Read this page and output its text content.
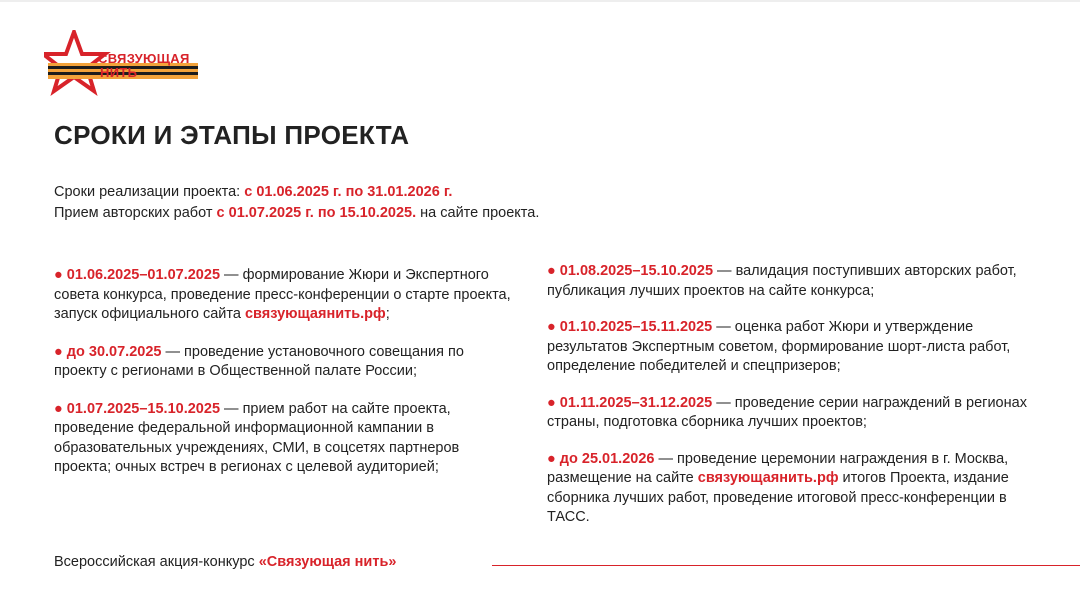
СВЯЗУЮЩАЯ
НИТЬ
СРОКИ И ЭТАПЫ ПРОЕКТА
Сроки реализации проекта: с 01.06.2025 г. по 31.01.2026 г.
Прием авторских работ с 01.07.2025 г. по 15.10.2025. на сайте проекта.
● 01.06.2025–01.07.2025 — формирование Жюри и Экспертного совета конкурса, проведение пресс-конференции о старте проекта, запуск официального сайта связующаянить.рф;
● до 30.07.2025 — проведение установочного совещания по проекту с регионами в Общественной палате России;
● 01.07.2025–15.10.2025 — прием работ на сайте проекта, проведение федеральной информационной кампании в образовательных учреждениях, СМИ, в соцсетях партнеров проекта; очных встреч в регионах с целевой аудиторией;
● 01.08.2025–15.10.2025 — валидация поступивших авторских работ, публикация лучших проектов на сайте конкурса;
● 01.10.2025–15.11.2025 — оценка работ Жюри и утверждение результатов Экспертным советом, формирование шорт-листа работ, определение победителей и спецпризеров;
● 01.11.2025–31.12.2025 — проведение серии награждений в регионах страны, подготовка сборника лучших проектов;
● до 25.01.2026 — проведение церемонии награждения в г. Москва, размещение на сайте связующаянить.рф итогов Проекта, издание сборника лучших работ, проведение итоговой пресс-конференции в ТАСС.
Всероссийская акция-конкурс «Связующая нить»
